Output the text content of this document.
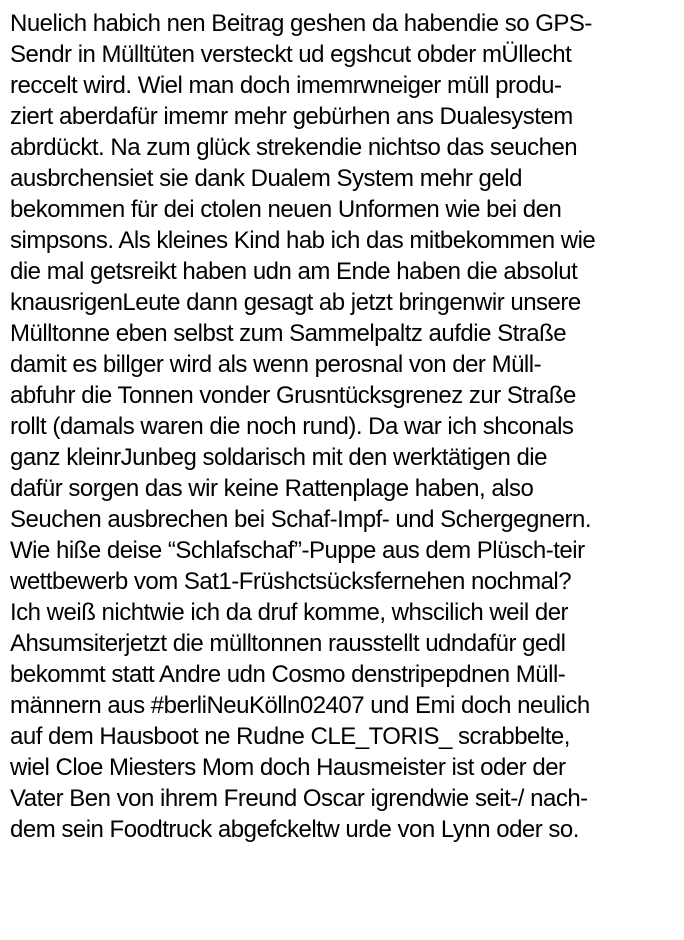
Nuelich habich nen Beitrag geshen da habendie so GPS-
Sendr in Mülltüten versteckt ud egshcut obder mÜllecht
reccelt wird. Wiel man doch imemrwneiger müll produ-
ziert aberdafür imemr mehr gebürhen ans Dualesystem
abrdückt. Na zum glück strekendie nichtso das seuchen
ausbrchensiet sie dank Dualem System mehr geld
bekommen für dei ctolen neuen Unformen wie bei den
simpsons. Als kleines Kind hab ich das mitbekommen wie
die mal getsreikt haben udn am Ende haben die absolut
knausrigenLeute dann gesagt ab jetzt bringenwir unsere
Mülltonne eben selbst zum Sammelpaltz aufdie Straße
damit es billger wird als wenn perosnal von der Müll-
abfuhr die Tonnen vonder Grusntücksgrenez zur Straße
rollt (damals waren die noch rund). Da war ich shconals
ganz kleinrJunbeg soldarisch mit den werktätigen die
dafür sorgen das wir keine Rattenplage haben, also
Seuchen ausbrechen bei Schaf-Impf- und Schergegnern.
Wie hiße deise “Schlafschaf”-Puppe aus dem Plüsch-teir
wettbewerb vom Sat1-Früshctsücksfernehen nochmal?
Ich weiß nichtwie ich da druf komme, whscilich weil der
Ahsumsiterjetzt die mülltonnen rausstellt udndafür gedl
bekommt statt Andre udn Cosmo denstripepdnen Müll-
männern aus #berliNeuKölln02407 und Emi doch neulich
auf dem Hausboot ne Rudne CLE_TORIS_ scrabbelte,
wiel Cloe Miesters Mom doch Hausmeister ist oder der
Vater Ben von ihrem Freund Oscar igrendwie seit-/ nach-
dem sein Foodtruck abgefckeltw urde von Lynn oder so.
